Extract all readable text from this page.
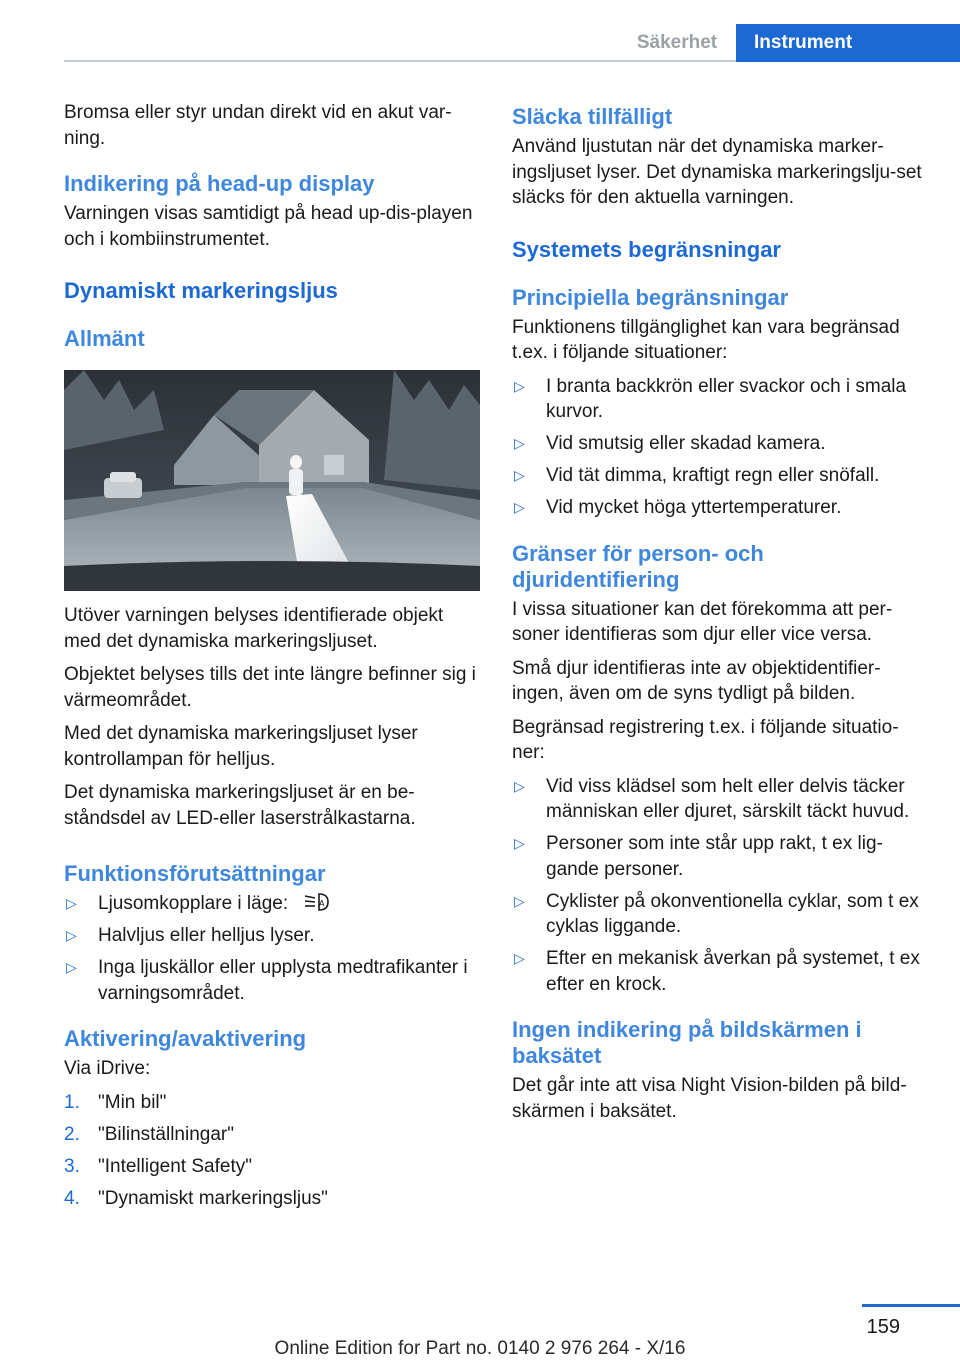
Säkerhet	Instrument

Bromsa eller styr undan direkt vid en akut var-ning.

Indikering på head-up display

Varningen visas samtidigt på head up-dis-playen och i kombiinstrumentet.

Dynamiskt markeringsljus
Allmänt

Utöver varningen belyses identifierade objekt med det dynamiska markeringsljuset.

Objektet belyses tills det inte längre befinner sig i värmeområdet.

Med det dynamiska markeringsljuset lyser kontrollampan för helljus.

Det dynamiska markeringsljuset är en be-ståndsdel av LED-eller laserstrålkastarna.

Funktionsförutsättningar
▷ Ljusomkopplare i läge:	A
▷ Halvljus eller helljus lyser.
▷ Inga ljuskällor eller upplysta medtrafikanter i varningsområdet.
Aktivering/avaktivering

Via iDrive:

1. "Min bil"
2. "Bilinställningar"
3. "Intelligent Safety"
4. "Dynamiskt markeringsljus"
Släcka tillfälligt

Använd ljustutan när det dynamiska marker-ingsljuset lyser. Det dynamiska markeringslju-set släcks för den aktuella varningen.

Systemets begränsningar
Principiella begränsningar

Funktionens tillgänglighet kan vara begränsad t.ex. i följande situationer:

▷ I branta backkrön eller svackor och i smala kurvor.
▷ Vid smutsig eller skadad kamera.
▷ Vid tät dimma, kraftigt regn eller snöfall.
▷ Vid mycket höga yttertemperaturer.
Gränser för person- och djuridentifiering

I vissa situationer kan det förekomma att per-soner identifieras som djur eller vice versa.

Små djur identifieras inte av objektidentifier-ingen, även om de syns tydligt på bilden.

Begränsad registrering t.ex. i följande situatio-ner:

▷ Vid viss klädsel som helt eller delvis täcker människan eller djuret, särskilt täckt huvud.
▷ Personer som inte står upp rakt, t ex lig-gande personer.
▷ Cyklister på okonventionella cyklar, som t ex cyklas liggande.
▷ Efter en mekanisk åverkan på systemet, t ex efter en krock.
Ingen indikering på bildskärmen i baksätet

Det går inte att visa Night Vision-bilden på bild-skärmen i baksätet.

159
Online Edition for Part no. 0140 2 976 264 - X/16
